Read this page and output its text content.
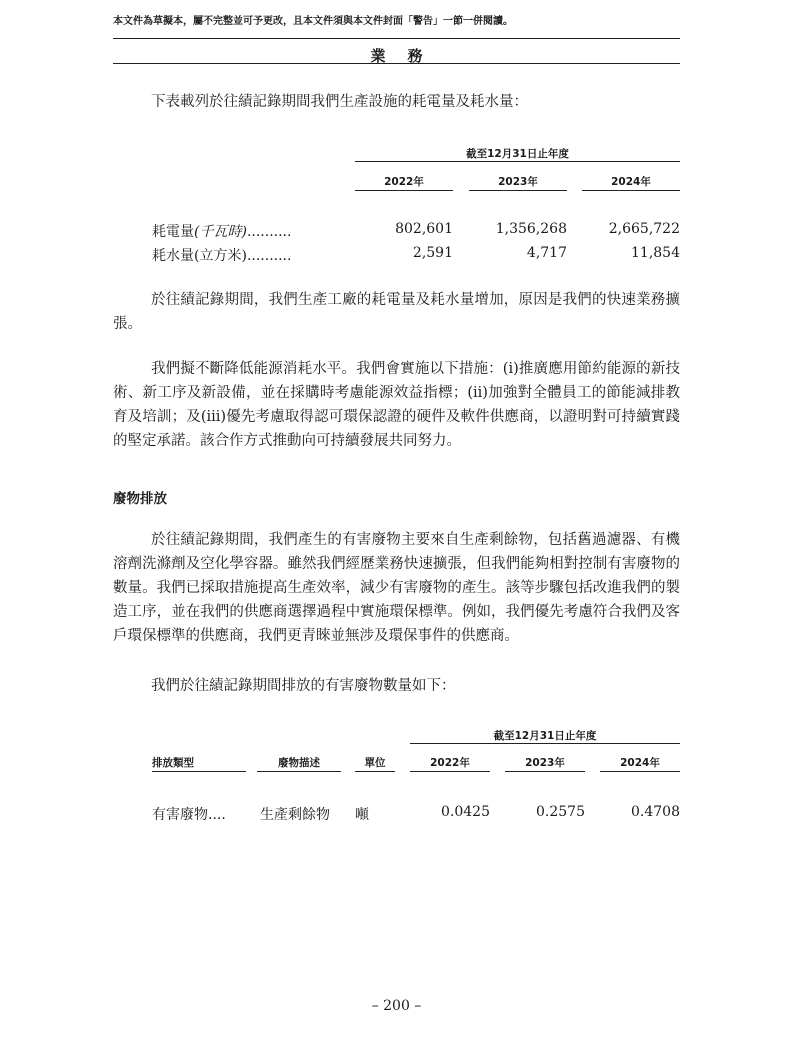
本文件為草擬本，屬不完整並可予更改，且本文件須與本文件封面「警告」一節一併閱讀。
業務
下表載列於往績記錄期間我們生產設施的耗電量及耗水量：
截至12月31日止年度
2022年	2023年	2024年
耗電量(千瓦時)..........	802,601	1,356,268	2,665,722
耗水量(立方米)..........	2,591	4,717	11,854
於往績記錄期間，我們生產工廠的耗電量及耗水量增加，原因是我們的快速業務擴張。
我們擬不斷降低能源消耗水平。我們會實施以下措施：(i)推廣應用節約能源的新技術、新工序及新設備，並在採購時考慮能源效益指標；(ii)加強對全體員工的節能減排教育及培訓；及(iii)優先考慮取得認可環保認證的硬件及軟件供應商，以證明對可持續實踐的堅定承諾。該合作方式推動向可持續發展共同努力。
廢物排放
於往績記錄期間，我們產生的有害廢物主要來自生產剩餘物，包括舊過濾器、有機溶劑洗滌劑及空化學容器。雖然我們經歷業務快速擴張，但我們能夠相對控制有害廢物的數量。我們已採取措施提高生產效率，減少有害廢物的產生。該等步驟包括改進我們的製造工序，並在我們的供應商選擇過程中實施環保標準。例如，我們優先考慮符合我們及客戶環保標準的供應商，我們更青睞並無涉及環保事件的供應商。
我們於往績記錄期間排放的有害廢物數量如下：
截至12月31日止年度
排放類型	廢物描述	單位	2022年	2023年	2024年
有害廢物.... 生產剩餘物 噸	0.0425	0.2575	0.4708
– 200 –
